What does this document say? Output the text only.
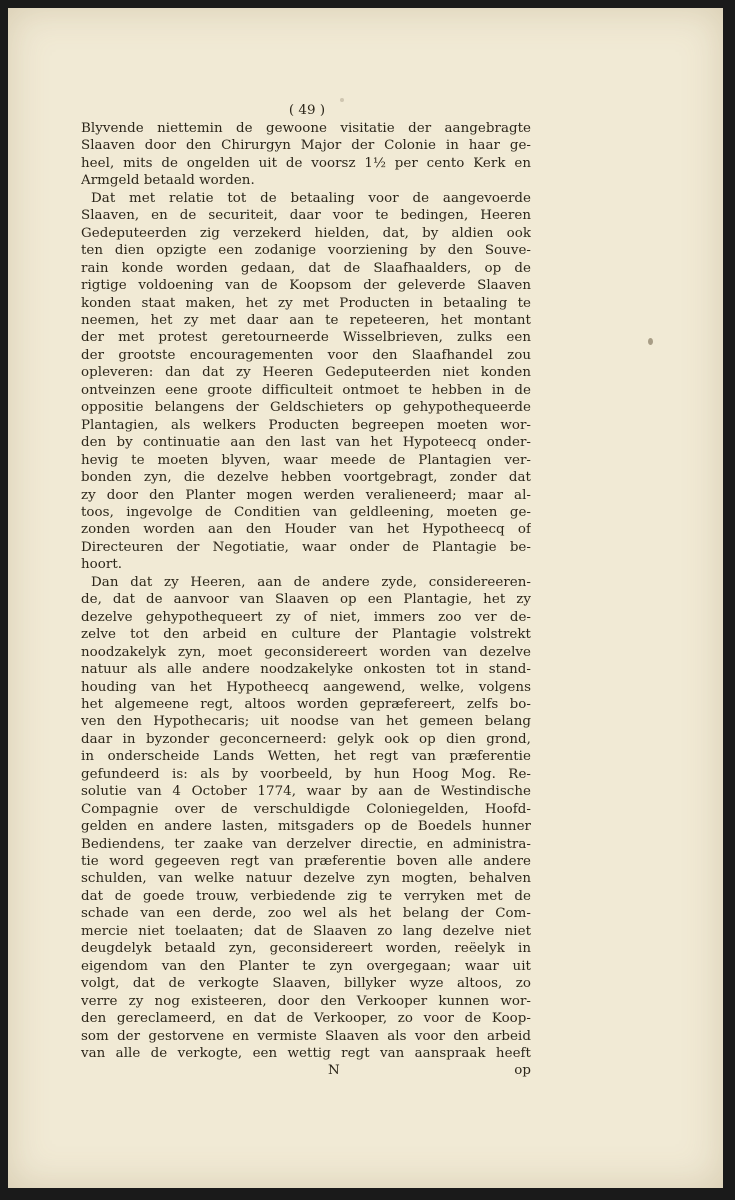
( 49 )

Blyvende niettemin de gewoone visitatie der aangebragte

Slaaven door den Chirurgyn Major der Colonie in haar ge-

heel, mits de ongelden uit de voorsz 1½ per cento Kerk en

Armgeld betaald worden.

Dat met relatie tot de betaaling voor de aangevoerde

Slaaven, en de securiteit, daar voor te bedingen, Heeren

Gedeputeerden zig verzekerd hielden, dat, by aldien ook

ten dien opzigte een zodanige voorziening by den Souve-

rain konde worden gedaan, dat de Slaafhaalders, op de

rigtige voldoening van de Koopsom der geleverde Slaaven

konden staat maken, het zy met Producten in betaaling te

neemen, het zy met daar aan te repeteeren, het montant

der met protest geretourneerde Wisselbrieven, zulks een

der grootste encouragementen voor den Slaafhandel zou

opleveren: dan dat zy Heeren Gedeputeerden niet konden

ontveinzen eene groote difficulteit ontmoet te hebben in de

oppositie belangens der Geldschieters op gehypothequeerde

Plantagien, als welkers Producten begreepen moeten wor-

den by continuatie aan den last van het Hypoteecq onder-

hevig te moeten blyven, waar meede de Plantagien ver-

bonden zyn, die dezelve hebben voortgebragt, zonder dat

zy door den Planter mogen werden veralieneerd; maar al-

toos, ingevolge de Conditien van geldleening, moeten ge-

zonden worden aan den Houder van het Hypotheecq of

Directeuren der Negotiatie, waar onder de Plantagie be-

hoort.

Dan dat zy Heeren, aan de andere zyde, considereeren-

de, dat de aanvoor van Slaaven op een Plantagie, het zy

dezelve gehypothequeert zy of niet, immers zoo ver de-

zelve tot den arbeid en culture der Plantagie volstrekt

noodzakelyk zyn, moet geconsidereert worden van dezelve

natuur als alle andere noodzakelyke onkosten tot in stand-

houding van het Hypotheecq aangewend, welke, volgens

het algemeene regt, altoos worden gepræfereert, zelfs bo-

ven den Hypothecaris; uit noodse van het gemeen belang

daar in byzonder geconcerneerd: gelyk ook op dien grond,

in onderscheide Lands Wetten, het regt van præferentie

gefundeerd is: als by voorbeeld, by hun Hoog Mog. Re-

solutie van 4 October 1774, waar by aan de Westindische

Compagnie over de verschuldigde Coloniegelden, Hoofd-

gelden en andere lasten, mitsgaders op de Boedels hunner

Bediendens, ter zaake van derzelver directie, en administra-

tie word gegeeven regt van præferentie boven alle andere

schulden, van welke natuur dezelve zyn mogten, behalven

dat de goede trouw, verbiedende zig te verryken met de

schade van een derde, zoo wel als het belang der Com-

mercie niet toelaaten; dat de Slaaven zo lang dezelve niet

deugdelyk betaald zyn, geconsidereert worden, reëelyk in

eigendom van den Planter te zyn overgegaan; waar uit

volgt, dat de verkogte Slaaven, billyker wyze altoos, zo

verre zy nog existeeren, door den Verkooper kunnen wor-

den gereclameerd, en dat de Verkooper, zo voor de Koop-

som der gestorvene en vermiste Slaaven als voor den arbeid

van alle de verkogte, een wettig regt van aanspraak heeft

N	op
